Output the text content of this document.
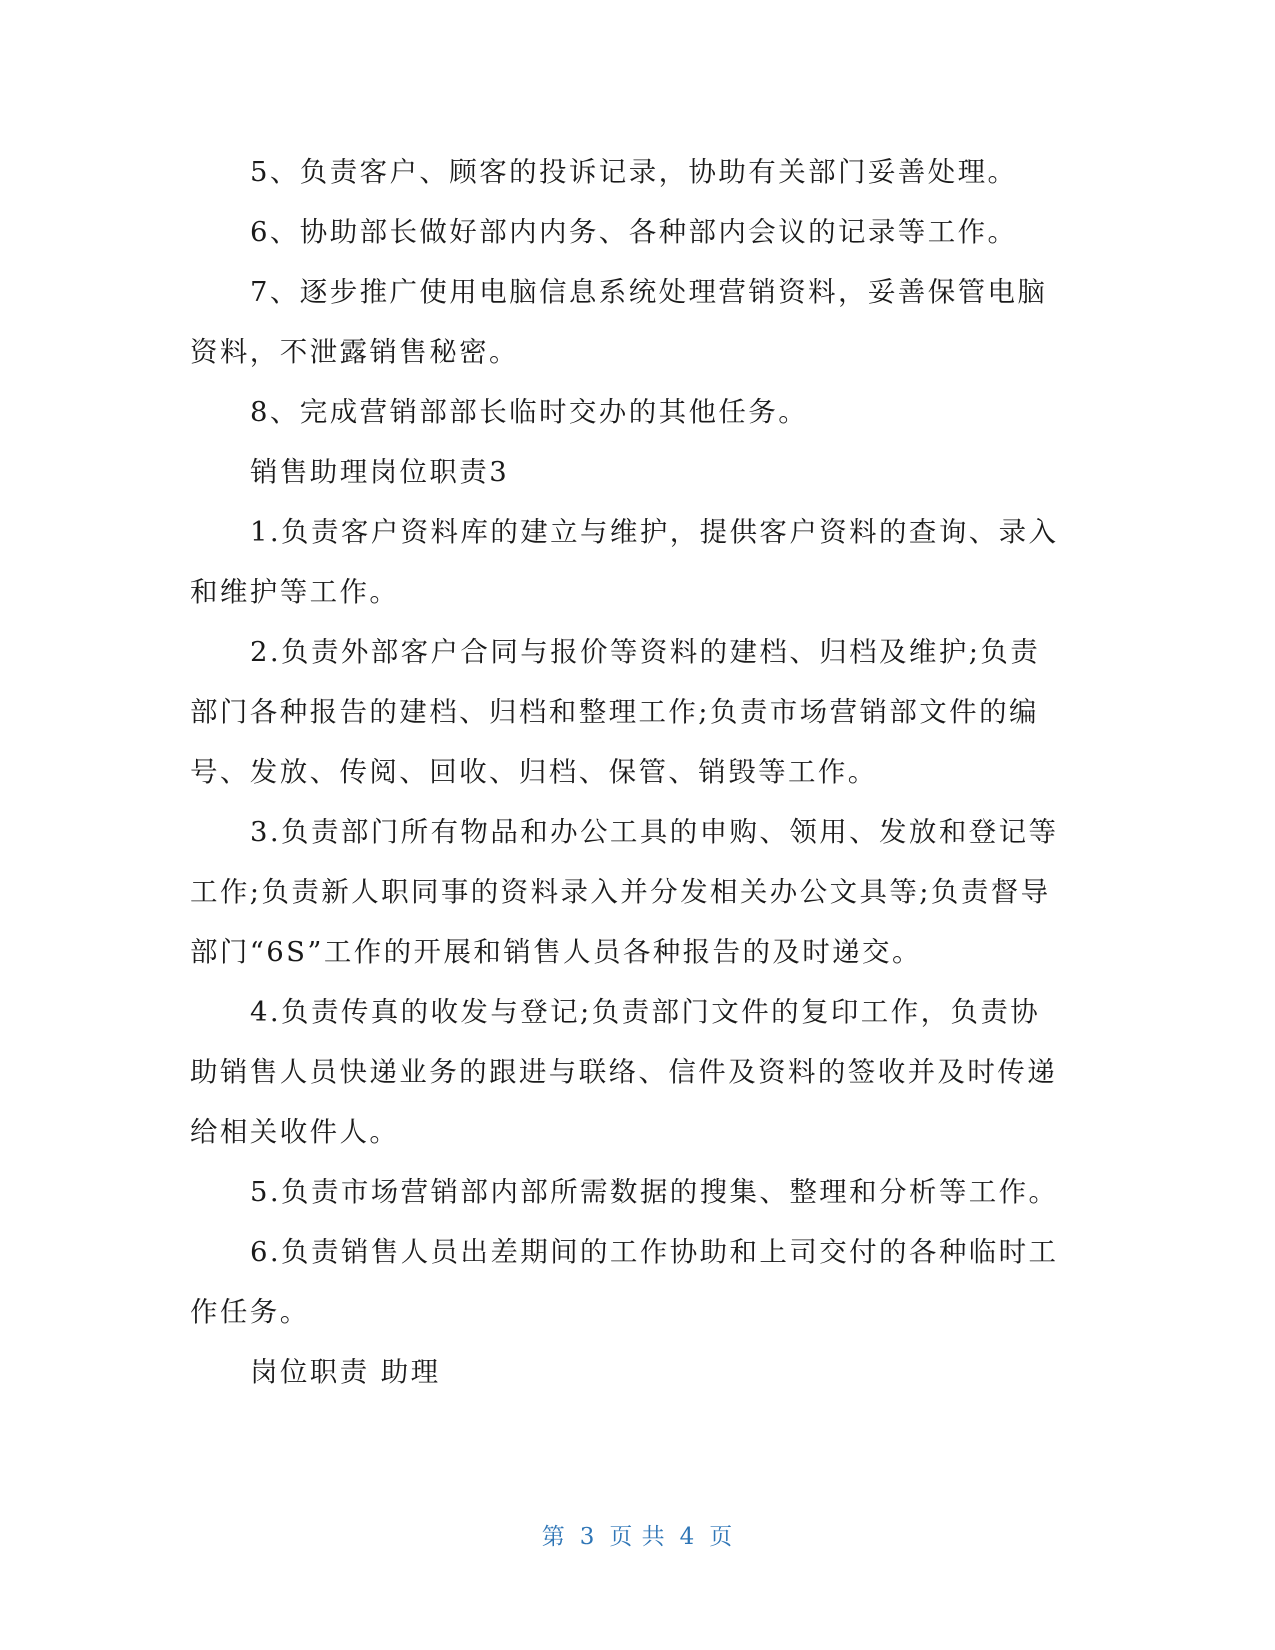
5、负责客户、顾客的投诉记录，协助有关部门妥善处理。

6、协助部长做好部内内务、各种部内会议的记录等工作。

7、逐步推广使用电脑信息系统处理营销资料，妥善保管电脑资料，不泄露销售秘密。

8、完成营销部部长临时交办的其他任务。

销售助理岗位职责3

1.负责客户资料库的建立与维护，提供客户资料的查询、录入和维护等工作。

2.负责外部客户合同与报价等资料的建档、归档及维护;负责部门各种报告的建档、归档和整理工作;负责市场营销部文件的编号、发放、传阅、回收、归档、保管、销毁等工作。

3.负责部门所有物品和办公工具的申购、领用、发放和登记等工作;负责新人职同事的资料录入并分发相关办公文具等;负责督导部门“6S”工作的开展和销售人员各种报告的及时递交。

4.负责传真的收发与登记;负责部门文件的复印工作，负责协助销售人员快递业务的跟进与联络、信件及资料的签收并及时传递给相关收件人。

5.负责市场营销部内部所需数据的搜集、整理和分析等工作。

6.负责销售人员出差期间的工作协助和上司交付的各种临时工作任务。

岗位职责 助理

第 3 页 共 4 页
